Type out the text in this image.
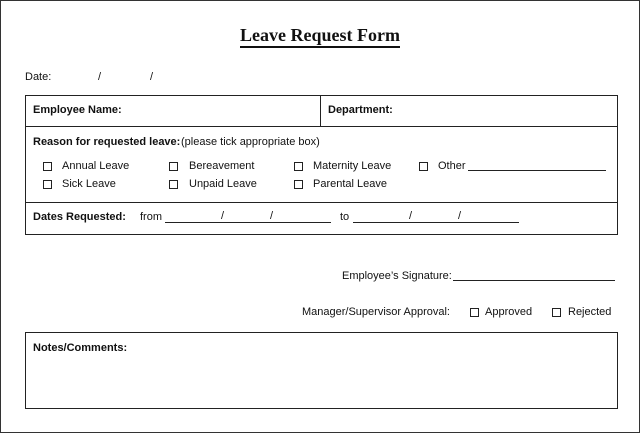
Leave Request Form
Date:	/	/
Employee Name:	Department:
Reason for requested leave: (please tick appropriate box)
Annual Leave	Bereavement	Maternity Leave	Other
Sick Leave	Unpaid Leave	Parental Leave
Dates Requested: from	/	/	to	/	/
Employee’s Signature:
Manager/Supervisor Approval:	Approved	Rejected
Notes/Comments:
